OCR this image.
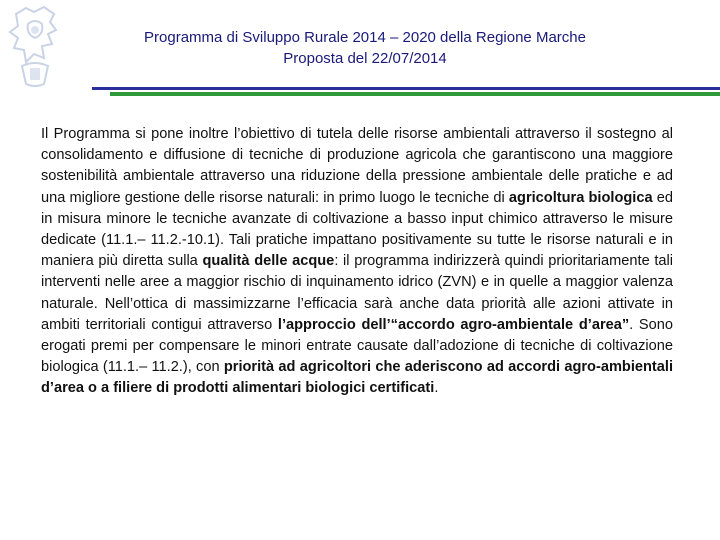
Programma di Sviluppo Rurale 2014 – 2020 della Regione Marche
Proposta del 22/07/2014

Il Programma si pone inoltre l’obiettivo di tutela delle risorse ambientali attraverso il sostegno al consolidamento e diffusione di tecniche di produzione agricola che garantiscono una maggiore sostenibilità ambientale attraverso una riduzione della pressione ambientale delle pratiche e ad una migliore gestione delle risorse naturali: in primo luogo le tecniche di agricoltura biologica ed in misura minore le tecniche avanzate di coltivazione a basso input chimico attraverso le misure dedicate (11.1.– 11.2.-10.1). Tali pratiche impattano positivamente su tutte le risorse naturali e in maniera più diretta sulla qualità delle acque: il programma indirizzerà quindi prioritariamente tali interventi nelle aree a maggior rischio di inquinamento idrico (ZVN) e in quelle a maggior valenza naturale. Nell’ottica di massimizzarne l’efficacia sarà anche data priorità alle azioni attivate in ambiti territoriali contigui attraverso l’approccio dell’“accordo agro-ambientale d’area”. Sono erogati premi per compensare le minori entrate causate dall’adozione di tecniche di coltivazione biologica (11.1.– 11.2.), con priorità ad agricoltori che aderiscono ad accordi agro-ambientali d’area o a filiere di prodotti alimentari biologici certificati.
